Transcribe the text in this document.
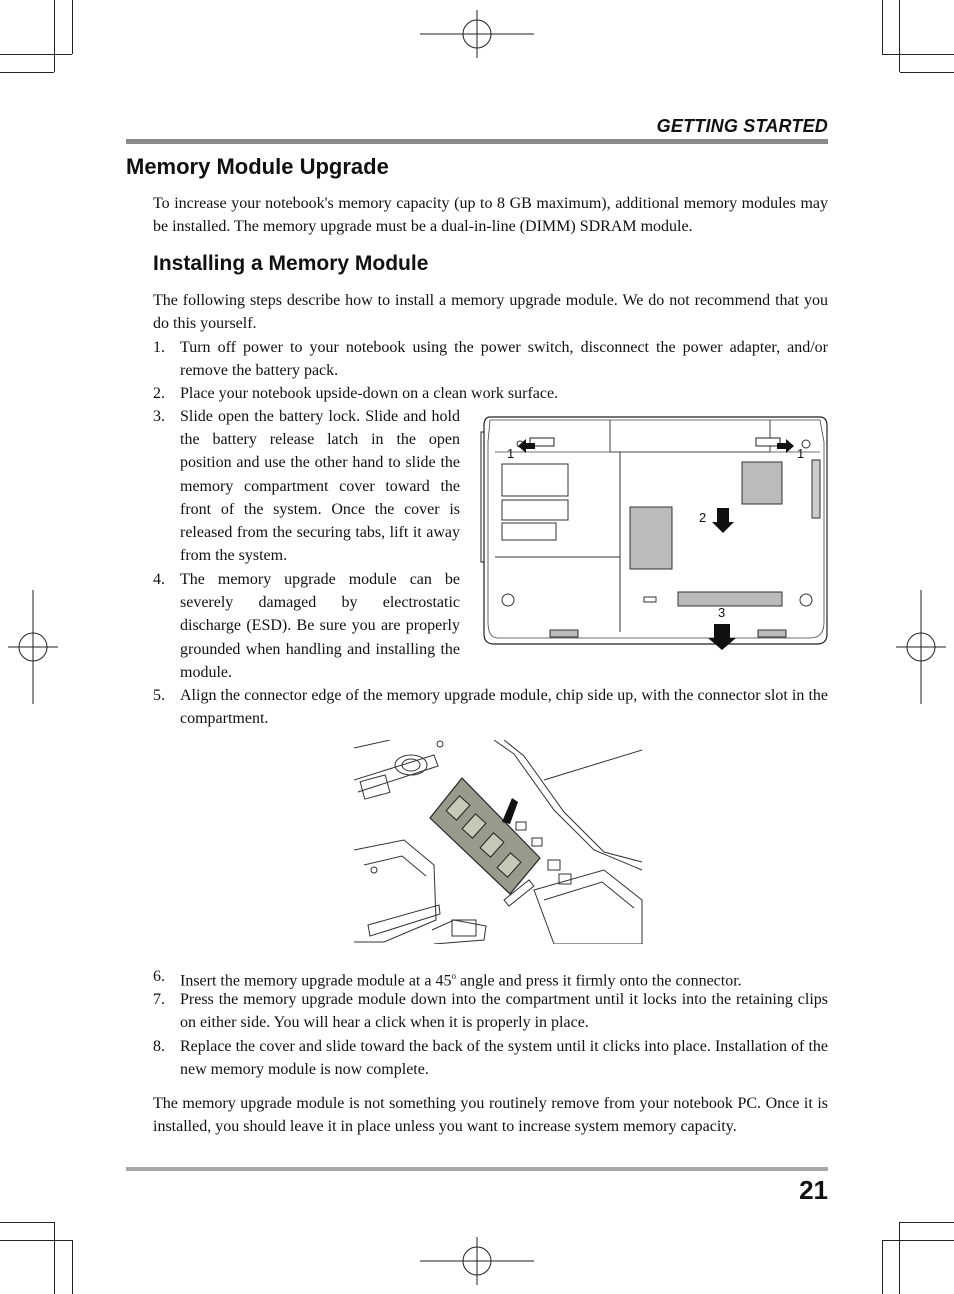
GETTING STARTED
Memory Module Upgrade
To increase your notebook's memory capacity (up to 8 GB maximum), additional memory modules may be installed. The memory upgrade must be a dual-in-line (DIMM) SDRAM module.
Installing a Memory Module
The following steps describe how to install a memory upgrade module. We do not recommend that you do this yourself.
1. Turn off power to your notebook using the power switch, disconnect the power adapter, and/or remove the battery pack.
2. Place your notebook upside-down on a clean work surface.
3. Slide open the battery lock. Slide and hold the battery release latch in the open position and use the other hand to slide the memory compartment cover toward the front of the system. Once the cover is released from the securing tabs, lift it away from the system.
4. The memory upgrade module can be severely damaged by electrostatic discharge (ESD). Be sure you are properly grounded when handling and installing the module.
5. Align the connector edge of the memory upgrade module, chip side up, with the connector slot in the compartment.
1	1
2
3
6. Insert the memory upgrade module at a 45$^o$ angle and press it firmly onto the connector.
7. Press the memory upgrade module down into the compartment until it locks into the retaining clips on either side. You will hear a click when it is properly in place.
8. Replace the cover and slide toward the back of the system until it clicks into place. Installation of the new memory module is now complete.
The memory upgrade module is not something you routinely remove from your notebook PC. Once it is installed, you should leave it in place unless you want to increase system memory capacity.
21
